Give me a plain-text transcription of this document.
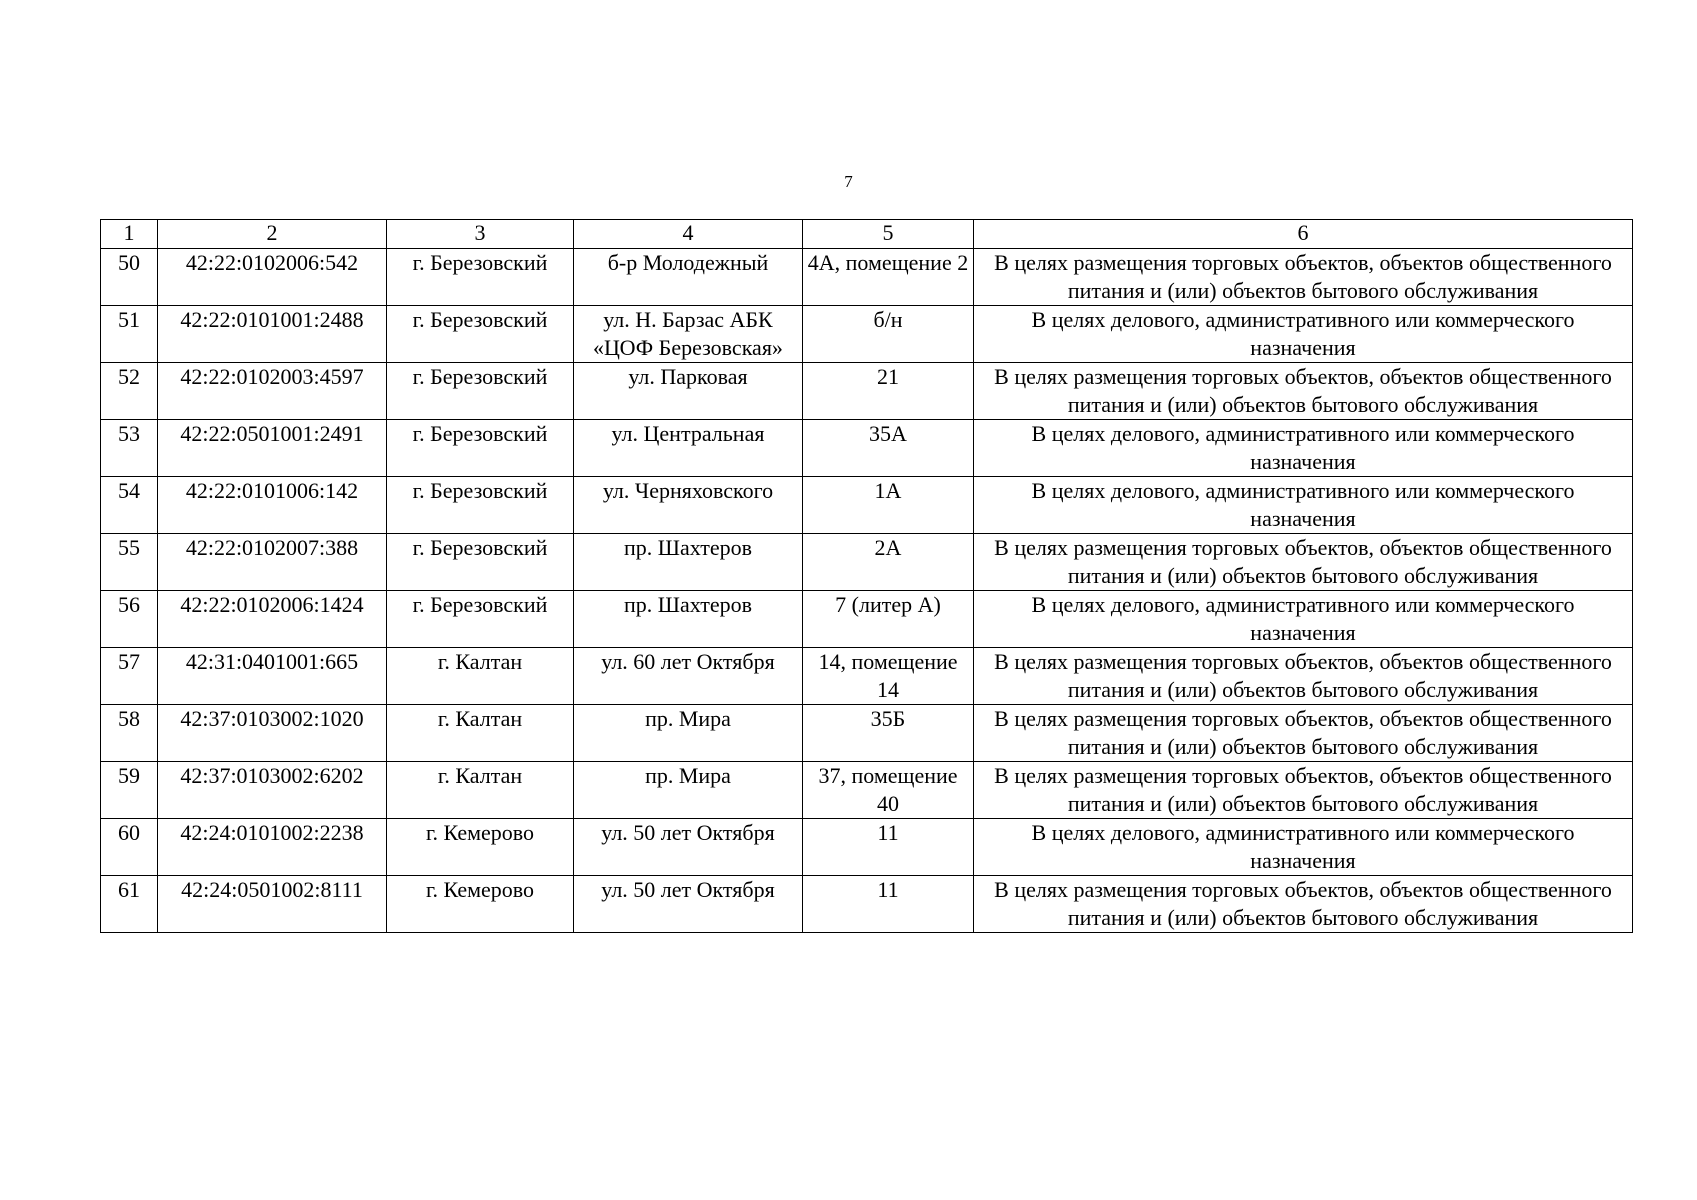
7
1	2	3	4	5	6
50	42:22:0102006:542	г. Березовский	б-р Молодежный	4А, помещение 2	В целях размещения торговых объектов, объектов общественного питания и (или) объектов бытового обслуживания
51	42:22:0101001:2488	г. Березовский	ул. Н. Барзас АБК «ЦОФ Березовская»	б/н	В целях делового, административного или коммерческого назначения
52	42:22:0102003:4597	г. Березовский	ул. Парковая	21	В целях размещения торговых объектов, объектов общественного питания и (или) объектов бытового обслуживания
53	42:22:0501001:2491	г. Березовский	ул. Центральная	35А	В целях делового, административного или коммерческого назначения
54	42:22:0101006:142	г. Березовский	ул. Черняховского	1А	В целях делового, административного или коммерческого назначения
55	42:22:0102007:388	г. Березовский	пр. Шахтеров	2А	В целях размещения торговых объектов, объектов общественного питания и (или) объектов бытового обслуживания
56	42:22:0102006:1424	г. Березовский	пр. Шахтеров	7 (литер А)	В целях делового, административного или коммерческого назначения
57	42:31:0401001:665	г. Калтан	ул. 60 лет Октября	14, помещение 14	В целях размещения торговых объектов, объектов общественного питания и (или) объектов бытового обслуживания
58	42:37:0103002:1020	г. Калтан	пр. Мира	35Б	В целях размещения торговых объектов, объектов общественного питания и (или) объектов бытового обслуживания
59	42:37:0103002:6202	г. Калтан	пр. Мира	37, помещение 40	В целях размещения торговых объектов, объектов общественного питания и (или) объектов бытового обслуживания
60	42:24:0101002:2238	г. Кемерово	ул. 50 лет Октября	11	В целях делового, административного или коммерческого назначения
61	42:24:0501002:8111	г. Кемерово	ул. 50 лет Октября	11	В целях размещения торговых объектов, объектов общественного питания и (или) объектов бытового обслуживания
